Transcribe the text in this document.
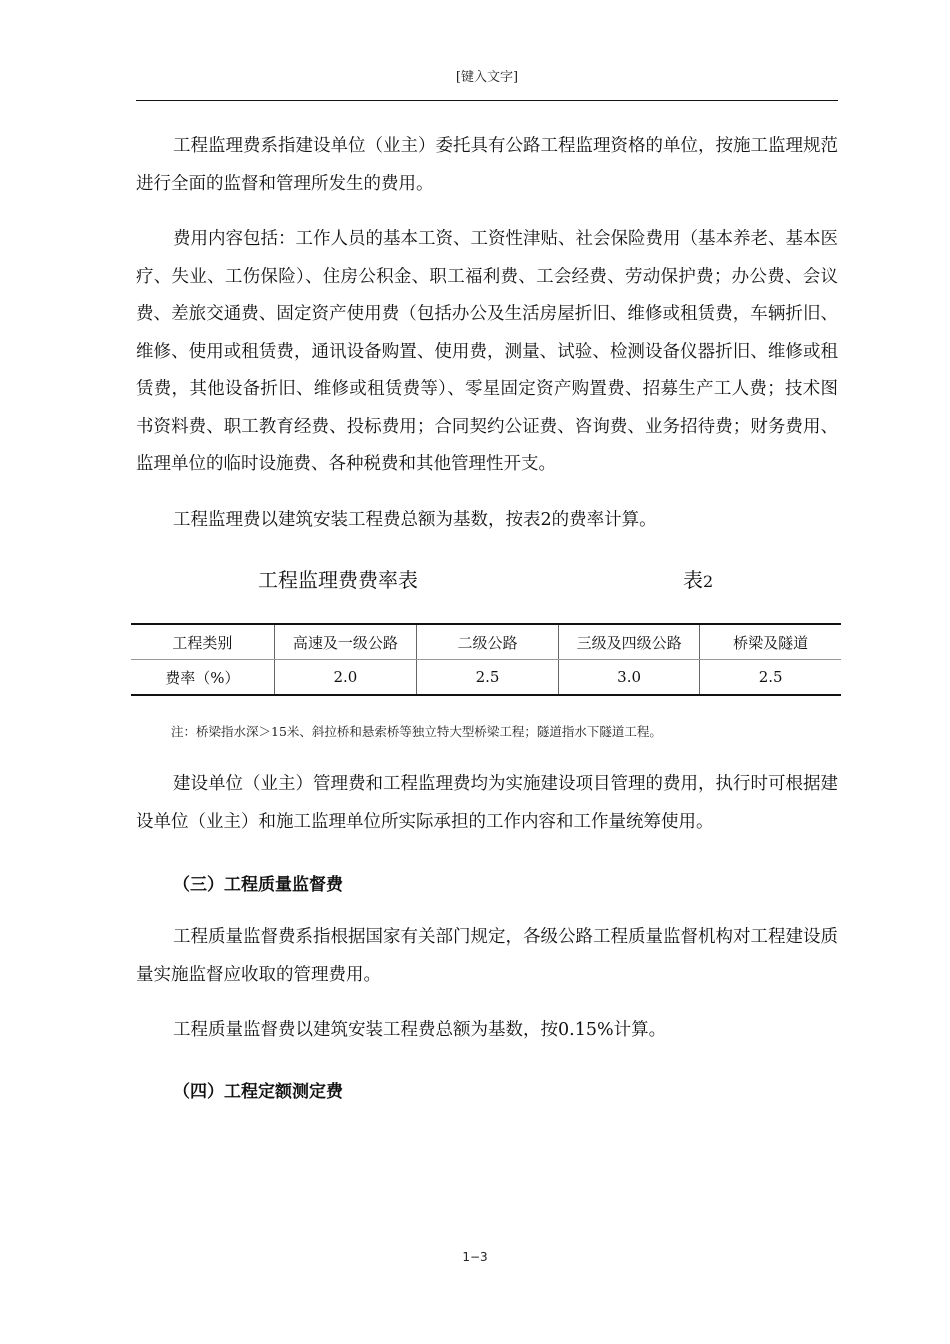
[键入文字]

工程监理费系指建设单位（业主）委托具有公路工程监理资格的单位，按施工监理规范进行全面的监督和管理所发生的费用。

费用内容包括：工作人员的基本工资、工资性津贴、社会保险费用（基本养老、基本医疗、失业、工伤保险）、住房公积金、职工福利费、工会经费、劳动保护费；办公费、会议费、差旅交通费、固定资产使用费（包括办公及生活房屋折旧、维修或租赁费，车辆折旧、维修、使用或租赁费，通讯设备购置、使用费，测量、试验、检测设备仪器折旧、维修或租赁费，其他设备折旧、维修或租赁费等）、零星固定资产购置费、招募生产工人费；技术图书资料费、职工教育经费、投标费用；合同契约公证费、咨询费、业务招待费；财务费用、监理单位的临时设施费、各种税费和其他管理性开支。

工程监理费以建筑安装工程费总额为基数，按表2的费率计算。

工程监理费费率表	表2
工程类别	高速及一级公路	二级公路	三级及四级公路	桥梁及隧道
费率（%）	2.0	2.5	3.0	2.5
注：桥梁指水深＞15米、斜拉桥和悬索桥等独立特大型桥梁工程；隧道指水下隧道工程。

建设单位（业主）管理费和工程监理费均为实施建设项目管理的费用，执行时可根据建设单位（业主）和施工监理单位所实际承担的工作内容和工作量统筹使用。

（三）工程质量监督费

工程质量监督费系指根据国家有关部门规定，各级公路工程质量监督机构对工程建设质量实施监督应收取的管理费用。

工程质量监督费以建筑安装工程费总额为基数，按0.15%计算。

（四）工程定额测定费
1−3
